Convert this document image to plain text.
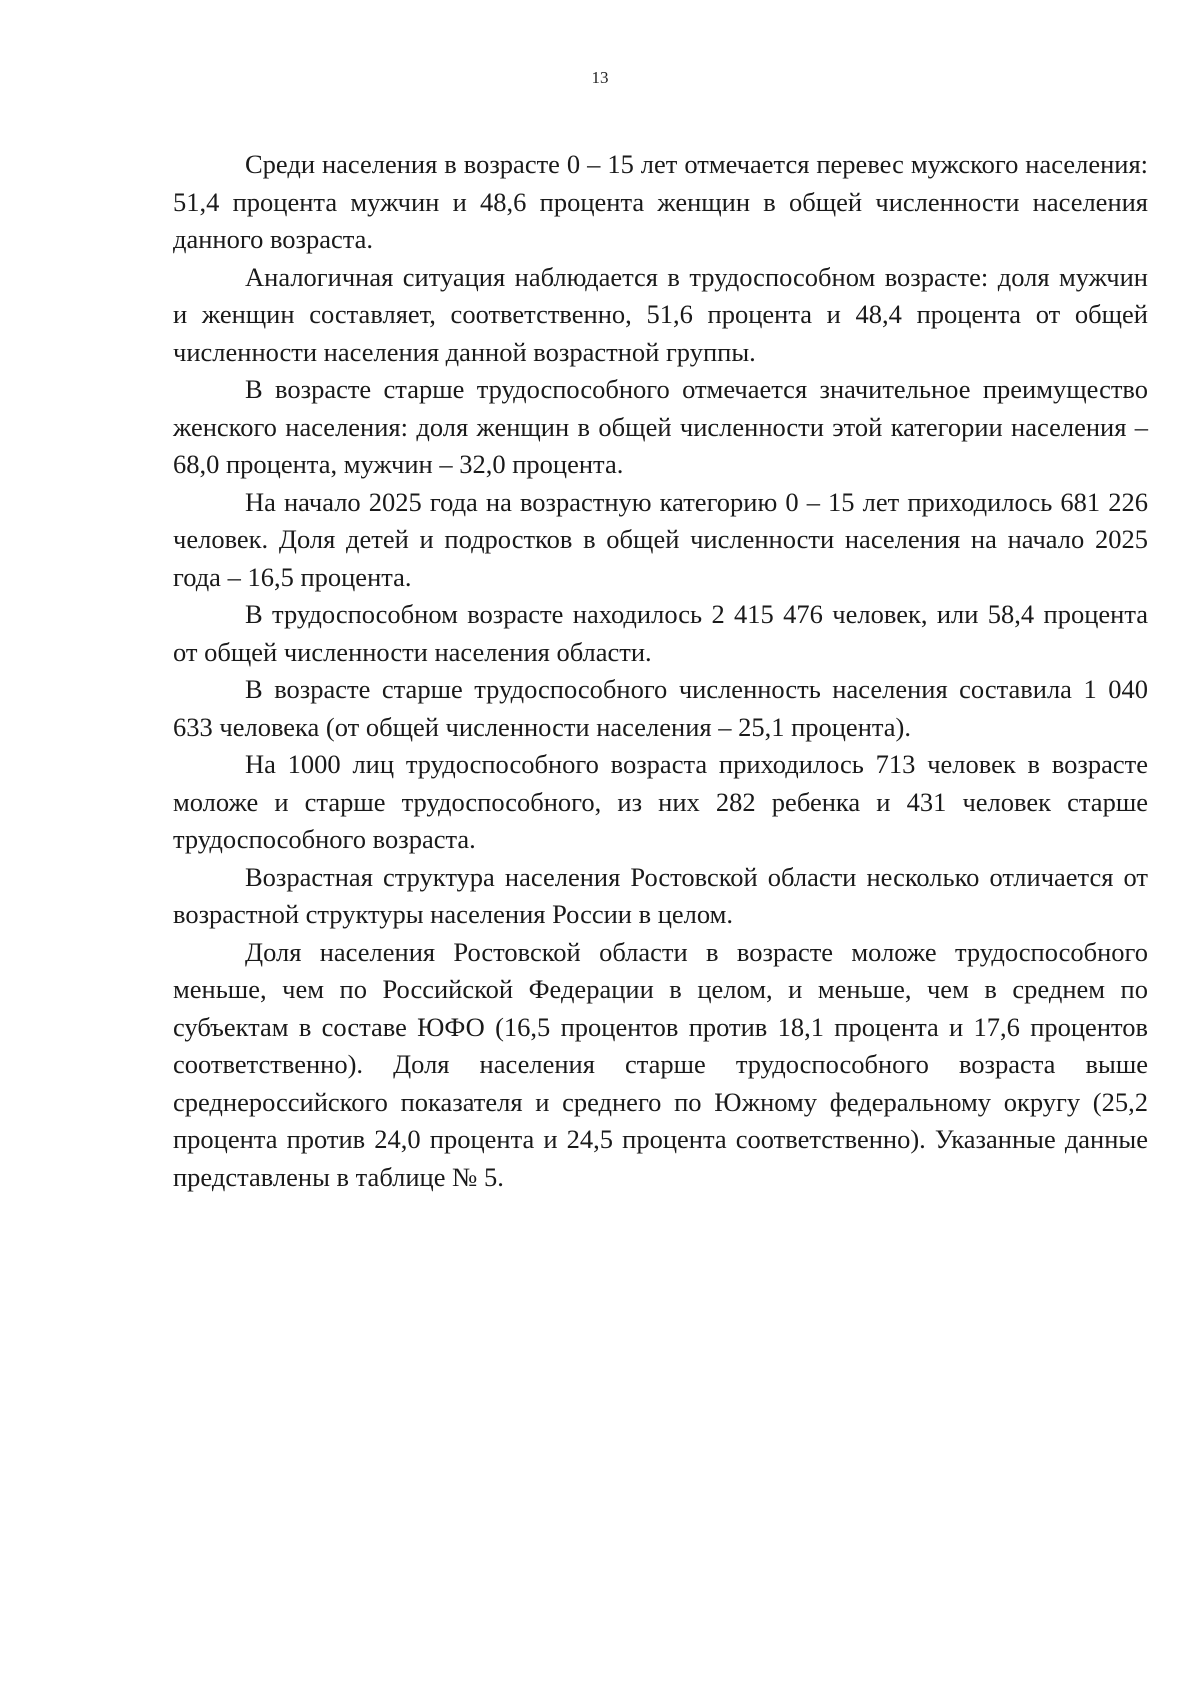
13

Среди населения в возрасте 0 – 15 лет отмечается перевес мужского населения: 51,4 процента мужчин и 48,6 процента женщин в общей численности населения данного возраста.

Аналогичная ситуация наблюдается в трудоспособном возрасте: доля мужчин и женщин составляет, соответственно, 51,6 процента и 48,4 процента от общей численности населения данной возрастной группы.

В возрасте старше трудоспособного отмечается значительное преимущество женского населения: доля женщин в общей численности этой категории населения – 68,0 процента, мужчин – 32,0 процента.

На начало 2025 года на возрастную категорию 0 – 15 лет приходилось 681 226 человек. Доля детей и подростков в общей численности населения на начало 2025 года – 16,5 процента.

В трудоспособном возрасте находилось 2 415 476 человек, или 58,4 процента от общей численности населения области.

В возрасте старше трудоспособного численность населения составила 1 040 633 человека (от общей численности населения – 25,1 процента).

На 1000 лиц трудоспособного возраста приходилось 713 человек в возрасте моложе и старше трудоспособного, из них 282 ребенка и 431 человек старше трудоспособного возраста.

Возрастная структура населения Ростовской области несколько отличается от возрастной структуры населения России в целом.

Доля населения Ростовской области в возрасте моложе трудоспособного меньше, чем по Российской Федерации в целом, и меньше, чем в среднем по субъектам в составе ЮФО (16,5 процентов против 18,1 процента и 17,6 процентов соответственно). Доля населения старше трудоспособного возраста выше среднероссийского показателя и среднего по Южному федеральному округу (25,2 процента против 24,0 процента и 24,5 процента соответственно). Указанные данные представлены в таблице № 5.
